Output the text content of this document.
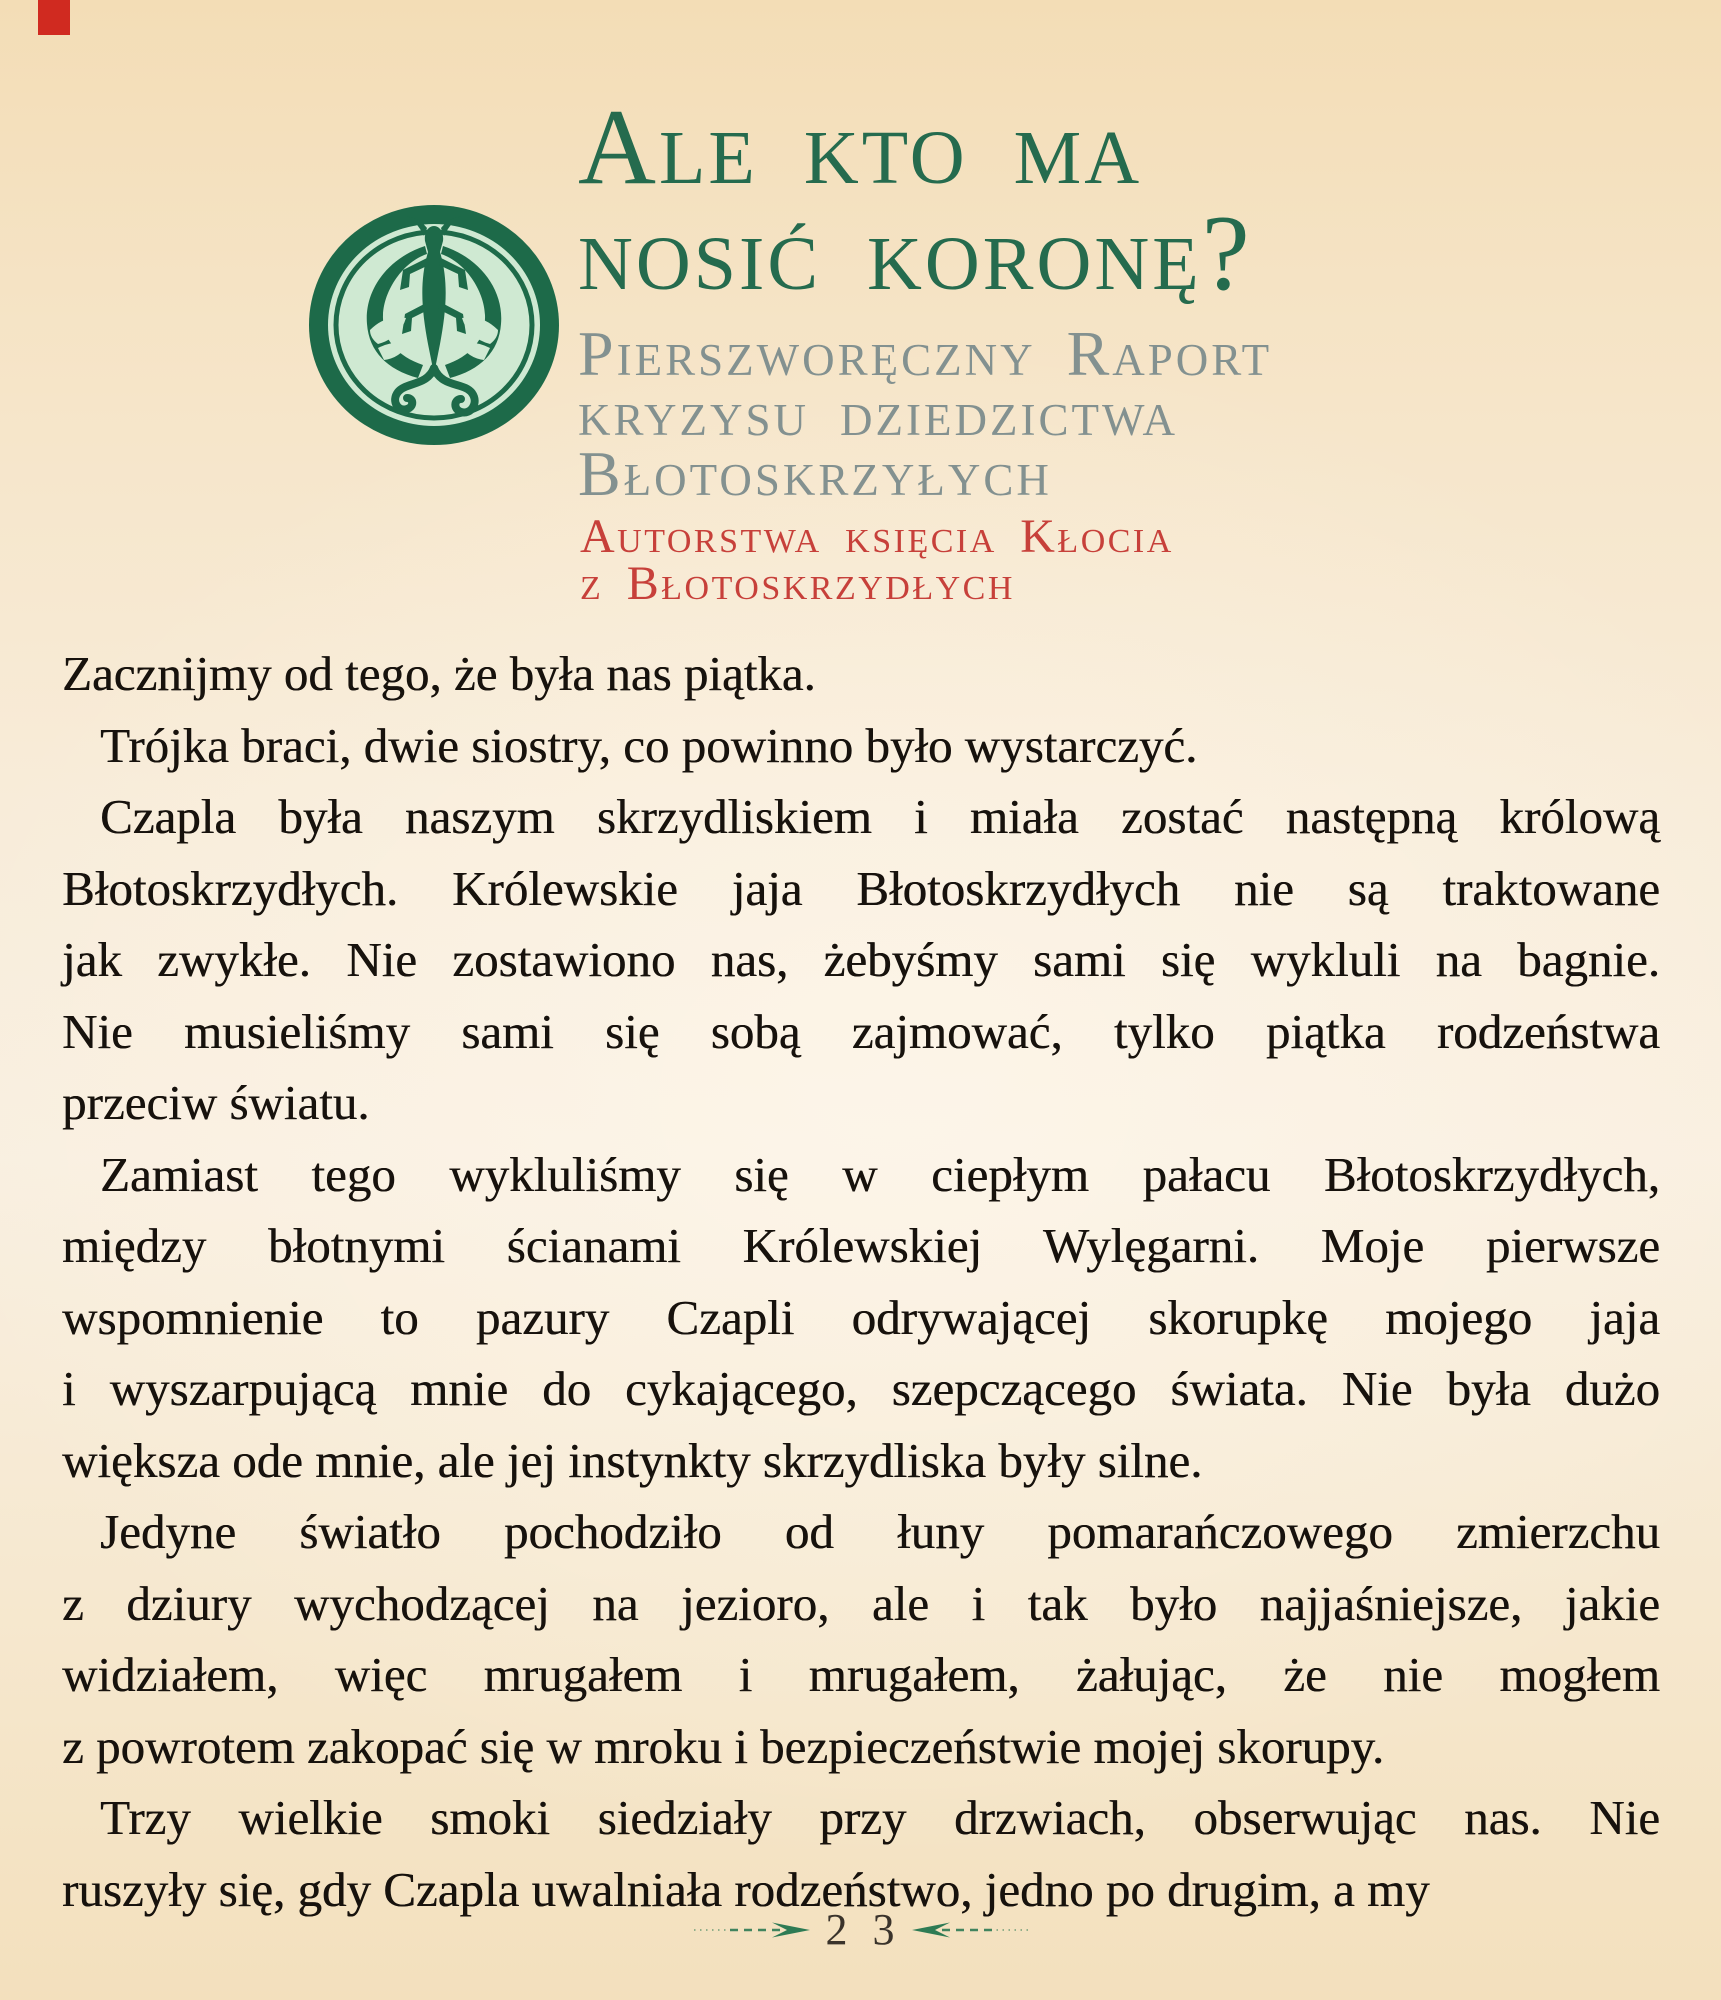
Ale kto ma
nosić koronę?
Pierszworęczny Raport
kryzysu dziedzictwa
Błotoskrzyłych
Autorstwa księcia Kłocia
z Błotoskrzydłych
Zacznijmy od tego, że była nas piątka.
Trójka braci, dwie siostry, co powinno było wystarczyć.
Czapla była naszym skrzydliskiem i miała zostać następną królową
Błotoskrzydłych. Królewskie jaja Błotoskrzydłych nie są traktowane
jak zwykłe. Nie zostawiono nas, żebyśmy sami się wykluli na bagnie.
Nie musieliśmy sami się sobą zajmować, tylko piątka rodzeństwa
przeciw światu.
Zamiast tego wykluliśmy się w ciepłym pałacu Błotoskrzydłych,
między błotnymi ścianami Królewskiej Wylęgarni. Moje pierwsze
wspomnienie to pazury Czapli odrywającej skorupkę mojego jaja
i wyszarpującą mnie do cykającego, szepczącego świata. Nie była dużo
większa ode mnie, ale jej instynkty skrzydliska były silne.
Jedyne światło pochodziło od łuny pomarańczowego zmierzchu
z dziury wychodzącej na jezioro, ale i tak było najjaśniejsze, jakie
widziałem, więc mrugałem i mrugałem, żałując, że nie mogłem
z powrotem zakopać się w mroku i bezpieczeństwie mojej skorupy.
Trzy wielkie smoki siedziały przy drzwiach, obserwując nas. Nie
ruszyły się, gdy Czapla uwalniała rodzeństwo, jedno po drugim, a my
2 3
